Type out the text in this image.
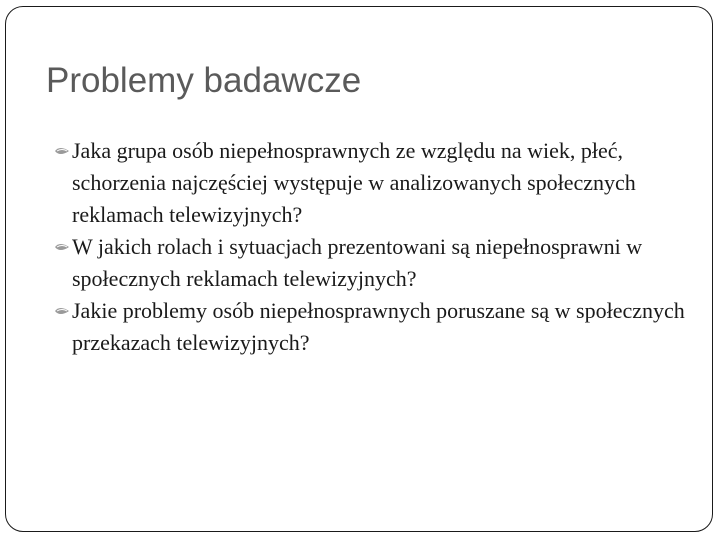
Problemy badawcze
Jaka grupa osób niepełnosprawnych ze względu na wiek, płeć, schorzenia najczęściej występuje w analizowanych społecznych reklamach telewizyjnych?
W jakich rolach i sytuacjach prezentowani są niepełnosprawni w społecznych reklamach telewizyjnych?
Jakie problemy osób niepełnosprawnych poruszane są w społecznych przekazach telewizyjnych?
